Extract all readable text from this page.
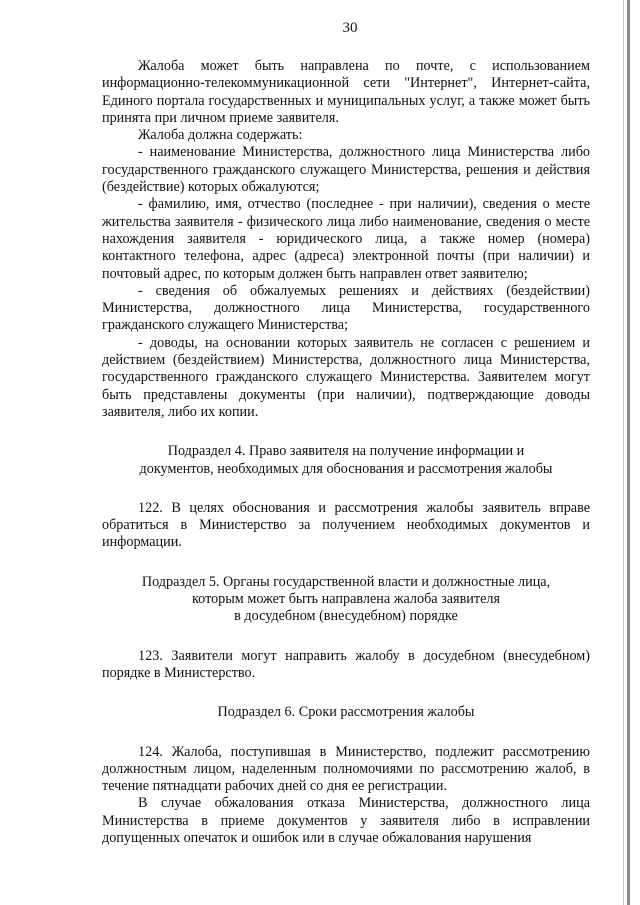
30

Жалоба может быть направлена по почте, с использованием информационно-телекоммуникационной сети "Интернет", Интернет-сайта, Единого портала государственных и муниципальных услуг, а также может быть принята при личном приеме заявителя.

Жалоба должна содержать:

- наименование Министерства, должностного лица Министерства либо государственного гражданского служащего Министерства, решения и действия (бездействие) которых обжалуются;

- фамилию, имя, отчество (последнее - при наличии), сведения о месте жительства заявителя - физического лица либо наименование, сведения о месте нахождения заявителя - юридического лица, а также номер (номера) контактного телефона, адрес (адреса) электронной почты (при наличии) и почтовый адрес, по которым должен быть направлен ответ заявителю;

- сведения об обжалуемых решениях и действиях (бездействии) Министерства, должностного лица Министерства, государственного гражданского служащего Министерства;

- доводы, на основании которых заявитель не согласен с решением и действием (бездействием) Министерства, должностного лица Министерства, государственного гражданского служащего Министерства. Заявителем могут быть представлены документы (при наличии), подтверждающие доводы заявителя, либо их копии.

Подраздел 4. Право заявителя на получение информации и
документов, необходимых для обоснования и рассмотрения жалобы

122. В целях обоснования и рассмотрения жалобы заявитель вправе обратиться в Министерство за получением необходимых документов и информации.

Подраздел 5. Органы государственной власти и должностные лица,
которым может быть направлена жалоба заявителя
в досудебном (внесудебном) порядке

123. Заявители могут направить жалобу в досудебном (внесудебном) порядке в Министерство.

Подраздел 6. Сроки рассмотрения жалобы

124. Жалоба, поступившая в Министерство, подлежит рассмотрению должностным лицом, наделенным полномочиями по рассмотрению жалоб, в течение пятнадцати рабочих дней со дня ее регистрации.

В случае обжалования отказа Министерства, должностного лица Министерства в приеме документов у заявителя либо в исправлении допущенных опечаток и ошибок или в случае обжалования нарушения
